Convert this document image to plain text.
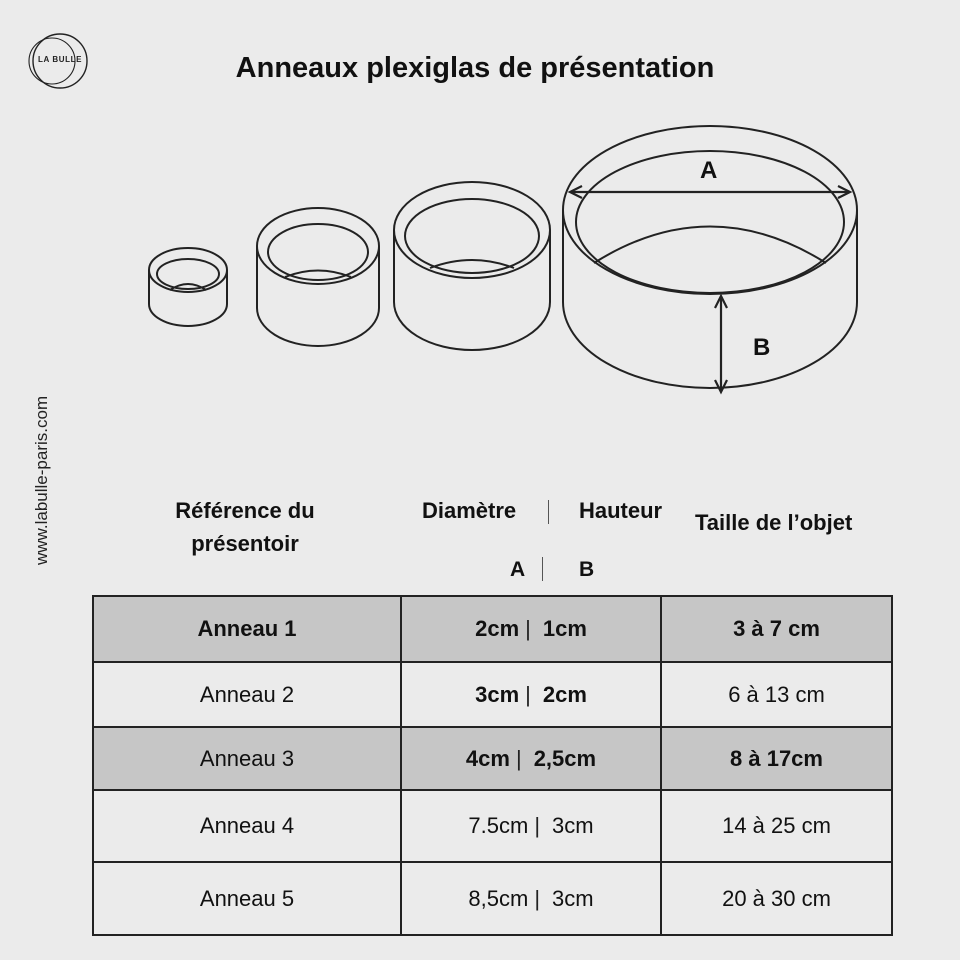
LA BULLE	Anneaux plexiglas de présentation
www.labulle-paris.com
A
B
Référence du présentoir
Diamètre	Hauteur Taille de l’objet
A	B
Anneau 1	2cm | 1cm	3 à 7 cm
Anneau 2	3cm | 2cm	6 à 13 cm
Anneau 3	4cm | 2,5cm	8 à 17cm
Anneau 4	7.5cm | 3cm	14 à 25 cm
Anneau 5	8,5cm | 3cm	20 à 30 cm
